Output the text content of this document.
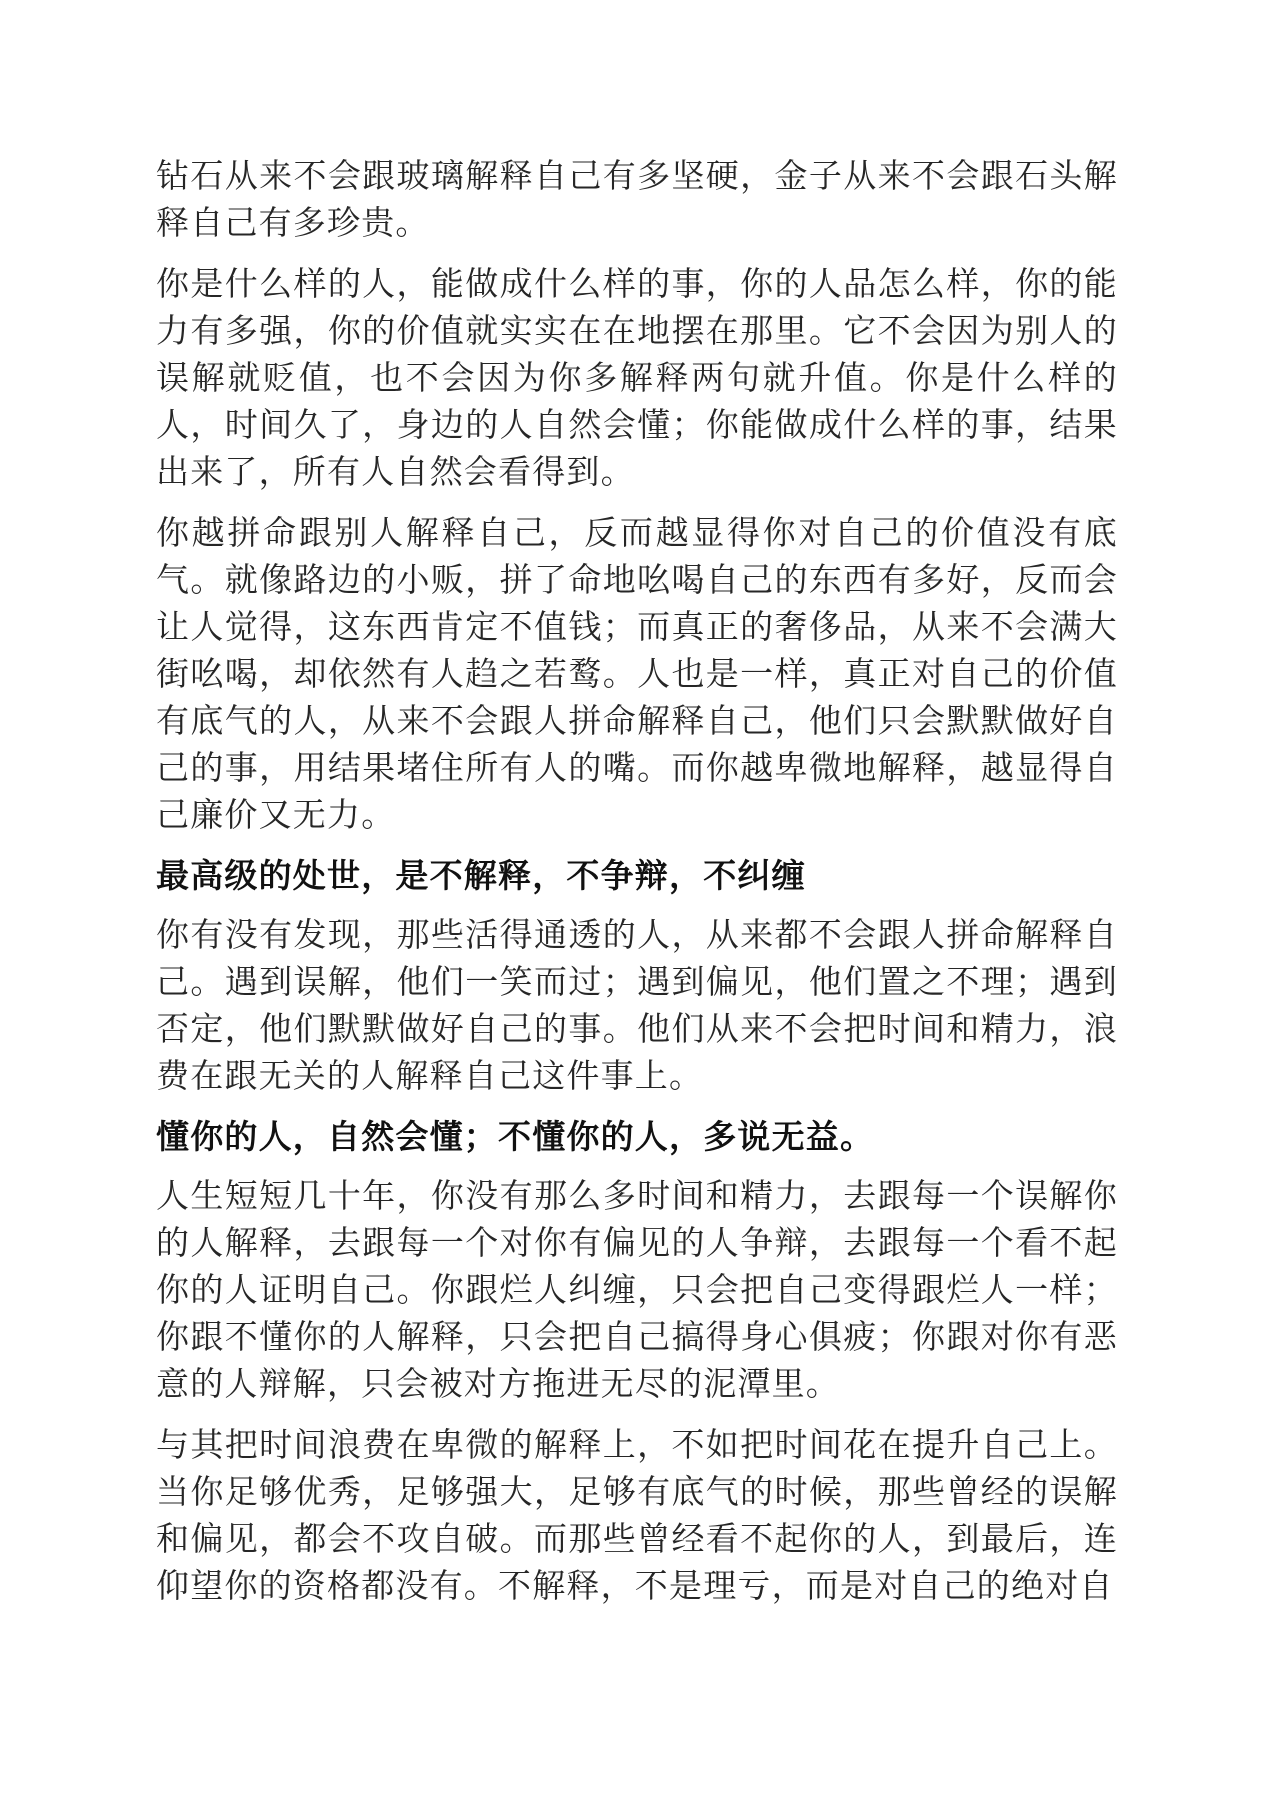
钻石从来不会跟玻璃解释自己有多坚硬，金子从来不会跟石头解释自己有多珍贵。

你是什么样的人，能做成什么样的事，你的人品怎么样，你的能力有多强，你的价值就实实在在地摆在那里。它不会因为别人的误解就贬值，也不会因为你多解释两句就升值。你是什么样的人，时间久了，身边的人自然会懂；你能做成什么样的事，结果出来了，所有人自然会看得到。

你越拼命跟别人解释自己，反而越显得你对自己的价值没有底气。就像路边的小贩，拼了命地吆喝自己的东西有多好，反而会让人觉得，这东西肯定不值钱；而真正的奢侈品，从来不会满大街吆喝，却依然有人趋之若鹜。人也是一样，真正对自己的价值有底气的人，从来不会跟人拼命解释自己，他们只会默默做好自己的事，用结果堵住所有人的嘴。而你越卑微地解释，越显得自己廉价又无力。

最高级的处世，是不解释，不争辩，不纠缠

你有没有发现，那些活得通透的人，从来都不会跟人拼命解释自己。遇到误解，他们一笑而过；遇到偏见，他们置之不理；遇到否定，他们默默做好自己的事。他们从来不会把时间和精力，浪费在跟无关的人解释自己这件事上。

懂你的人，自然会懂；不懂你的人，多说无益。

人生短短几十年，你没有那么多时间和精力，去跟每一个误解你的人解释，去跟每一个对你有偏见的人争辩，去跟每一个看不起你的人证明自己。你跟烂人纠缠，只会把自己变得跟烂人一样；你跟不懂你的人解释，只会把自己搞得身心俱疲；你跟对你有恶意的人辩解，只会被对方拖进无尽的泥潭里。

与其把时间浪费在卑微的解释上，不如把时间花在提升自己上。当你足够优秀，足够强大，足够有底气的时候，那些曾经的误解和偏见，都会不攻自破。而那些曾经看不起你的人，到最后，连仰望你的资格都没有。不解释，不是理亏，而是对自己的绝对自
